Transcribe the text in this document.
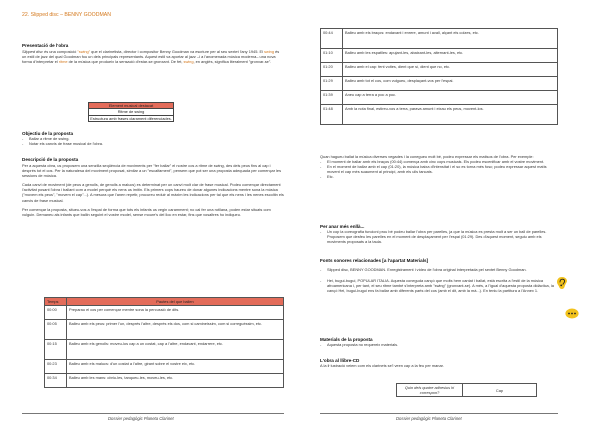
22. Slipped disc – BENNY GOODMAN
Presentació de l'obra
Slipped disc és una composició "swing" que el clarinetista, director i compositor Benny Goodman va escriure per al seu sextet l'any 1945. El swing és un estil de jazz del qual Goodman fou un dels principals representants. Aquest estil va aportar al jazz –i a l'anomenada música moderna– una nova forma d'interpretar el ritme de la música que produeix la sensació d'estar-se gronxant. De fet, swing, en anglès, significa literalment "gronxar-se".
Element musical destacat
Ritme de swing
Estructura amb frases clarament diferenciades.
Objectiu de la proposta
- Ballar a ritme de swing.
- Notar els canvis de frase musical de l'obra.
Descripció de la proposta
Per a aquesta obra, us proposem una senzilla seqüència de moviments per "fer ballar" el nostre cos a ritme de swing, des dels peus fins al cap i després tot el cos. Per la naturalesa del moviment proposat, similar a un "escalfament", pensem que pot ser una proposta adequada per començar les sessions de música.
Cada canvi de moviment (de peus a genolls, de genolls a malucs) es determinat per un canvi molt clar de frase musical. Podeu començar directament l'activitat posant l'obra i ballant com a model perquè els nens us imitin. Els primers cops haureu de donar algunes indicacions mentre sona la música ("movem els peus", "movem el cap"...). A mesura que l'anen repetir, procureu reduir al màxim les indicacions per tal que els nens i les nenes escoltin els canvis de frase musical.
Per començar la proposta, situeu-vos a l'espai de forma que tots els infants us vegin caramment; no cal fer una rotllana, poden estar situats com vulguin. Demaneu als infants que ballin seguint el vostre model, sense moure's del lloc en estar, fins que vosaltres ho indiqueu.
Temps	Pautes del que ballen
00:00	Preparau el cos per començar mentre sona la percussió de dits.
00:05	Balleu amb els peus: primer l'un, després l'altre, després els dos, com si camineissim, com si correguéssim, etc.
00:15	Balleu amb els genolls: moveu-los cap a un costat, cap a l'altre, endavant, endarrere, etc.
00:23	Balleu amb els malucs: d'un costat a l'altre, girant sobre el vostre eix, etc.
00:34	Balleu amb les mans: obriu-les, tanqueu-les, moveu-les, etc.
Dossier pedagògic Planeta Clarinet
00:44	Balleu amb els braços: endavant i enrere, amunt i avall, alçant els colzes, etc.
01:10	Balleu amb les espatlles: apujant-les, abaixant-les, alternant-les, etc.
01:20	Balleu amb el cap: fent voltes, dient que sí, dient que no, etc.
01:29	Balleu amb tot el cos, com vulgueu, desplaçant-vos per l'espai.
01:39	Aneu cap a terra a poc a poc.
01:48	Amb la nota final, estireu-vos a terra, parava amunt i eixau els peus, movent-los.
Quan hagueu ballat la música diverses vegades i la conegueu molt bé, podeu expressar els matisos de l'obra. Per exemple:
- El moment de ballar amb els braços (00:44) comença amb cinc cops musicals. Els podeu escenificar amb el vostre moviment.
- En el moment de ballar amb el cap (01:20), la música baixa d'intensitat i el so es torna més fosc; podeu expressar aquest matís movent el cap més suaument al principi, amb els ulls tancats.
- Etc.
Per anar més enllà...
- Un cop la coreografia funcioni prou bé podeu ballar l'obra per parelles, ja que la música es presta molt a ser un ball de parelles. Proposem que desfeu les parelles en el moment de desplaçament per l'espai (01:29). Des d'aquest moment, seguiu amb els moviments proposats a la taula.
Fonts sonores relacionades [a l'apartat Materials]
- Slipped disc, BENNY GOODMAN. Enregistrament i vídeo de l'obra original interpretada pel sextet Benny Goodman.
- Hei, bugui-bugui, POPULAR ITALIA. Aquesta coneguda cançó que molts hem cantat i ballat, està escrita a l'estil de la música afroamericana i, per tant, el seu ritme també s'interpreta amb "swing" (gronxant-se). A més, a l'igual d'aquesta proposta didàctica, la cançó Hei, bugui-bugui ens fa ballar amb diferents parts del cos (amb el dit, amb la mà...). En teniu la partitura a l'Annex 1.
Materials de la proposta
- Aquesta proposta no requereix materials.
L'obra al llibre-CD
A la il·lustració veiem com els clarinets se'l veen cap a la feu per manar.
Quin dels quatre adhesius hi correspon?	Cap
Dossier pedagògic Planeta Clarinet
